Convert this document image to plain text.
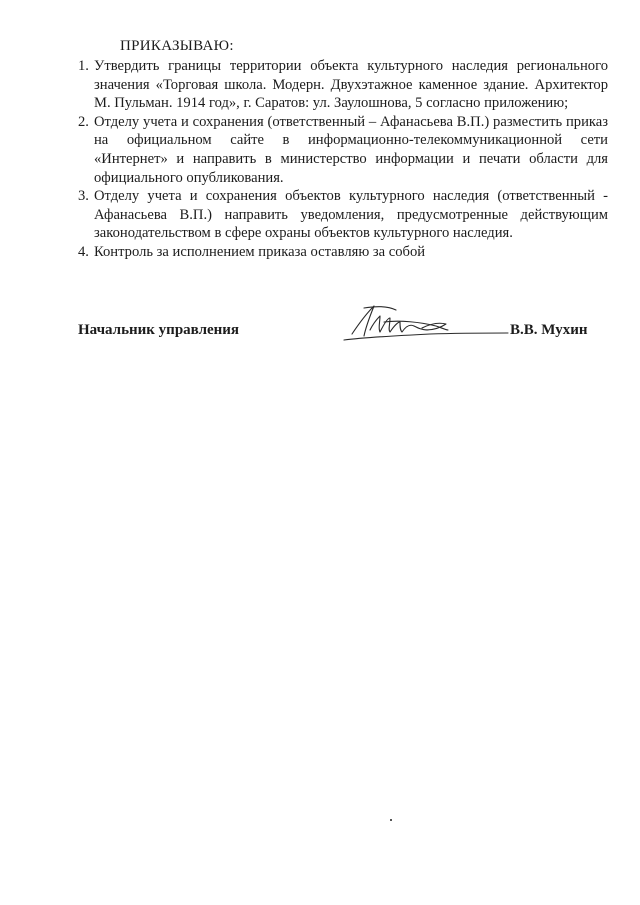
ПРИКАЗЫВАЮ:
1. Утвердить границы территории объекта культурного наследия регионального значения «Торговая школа. Модерн. Двухэтажное каменное здание. Архитектор М. Пульман. 1914 год», г. Саратов: ул. Заулошнова, 5 согласно приложению;
2. Отделу учета и сохранения (ответственный – Афанасьева В.П.) разместить приказ на официальном сайте в информационно-телекоммуникационной сети «Интернет» и направить в министерство информации и печати области для официального опубликования.
3. Отделу учета и сохранения объектов культурного наследия (ответственный - Афанасьева В.П.) направить уведомления, предусмотренные действующим законодательством в сфере охраны объектов культурного наследия.
4. Контроль за исполнением приказа оставляю за собой
Начальник управления	В.В. Мухин
